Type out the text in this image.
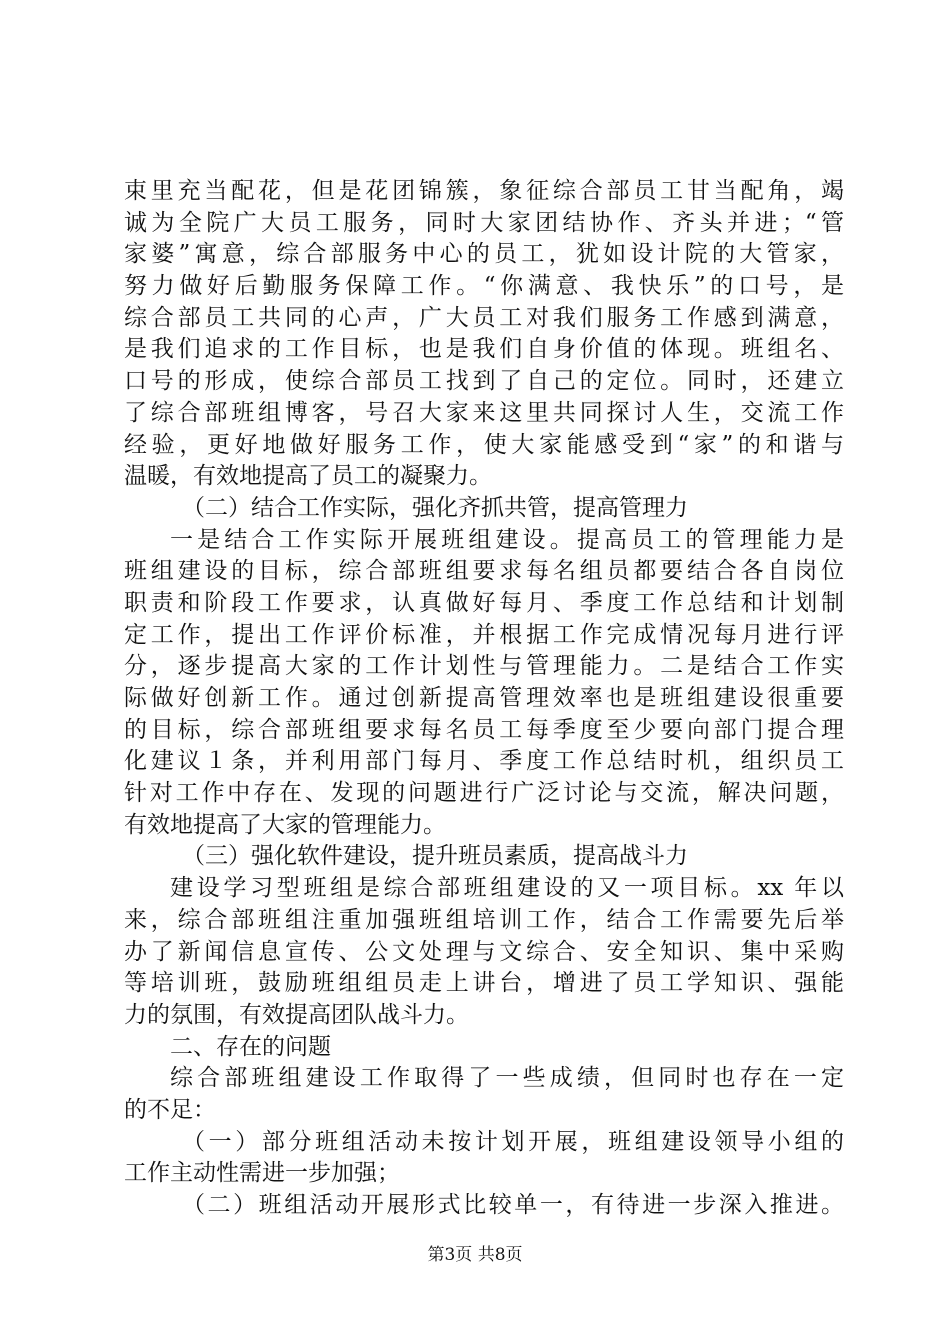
束里充当配花，但是花团锦簇，象征综合部员工甘当配角，竭
诚为全院广大员工服务，同时大家团结协作、齐头并进；“管
家婆”寓意，综合部服务中心的员工，犹如设计院的大管家，
努力做好后勤服务保障工作。“你满意、我快乐”的口号，是
综合部员工共同的心声，广大员工对我们服务工作感到满意，
是我们追求的工作目标，也是我们自身价值的体现。班组名、
口号的形成，使综合部员工找到了自己的定位。同时，还建立
了综合部班组博客，号召大家来这里共同探讨人生，交流工作
经验，更好地做好服务工作，使大家能感受到“家”的和谐与
温暖，有效地提高了员工的凝聚力。
（二）结合工作实际，强化齐抓共管，提高管理力
一是结合工作实际开展班组建设。提高员工的管理能力是
班组建设的目标，综合部班组要求每名组员都要结合各自岗位
职责和阶段工作要求，认真做好每月、季度工作总结和计划制
定工作，提出工作评价标准，并根据工作完成情况每月进行评
分，逐步提高大家的工作计划性与管理能力。二是结合工作实
际做好创新工作。通过创新提高管理效率也是班组建设很重要
的目标，综合部班组要求每名员工每季度至少要向部门提合理
化建议１条，并利用部门每月、季度工作总结时机，组织员工
针对工作中存在、发现的问题进行广泛讨论与交流，解决问题，
有效地提高了大家的管理能力。
（三）强化软件建设，提升班员素质，提高战斗力
建设学习型班组是综合部班组建设的又一项目标。xx 年以
来，综合部班组注重加强班组培训工作，结合工作需要先后举
办了新闻信息宣传、公文处理与文综合、安全知识、集中采购
等培训班，鼓励班组组员走上讲台，增进了员工学知识、强能
力的氛围，有效提高团队战斗力。
二、存在的问题
综合部班组建设工作取得了一些成绩，但同时也存在一定
的不足：
（一）部分班组活动未按计划开展，班组建设领导小组的
工作主动性需进一步加强；
（二）班组活动开展形式比较单一，有待进一步深入推进。
第3页 共8页
